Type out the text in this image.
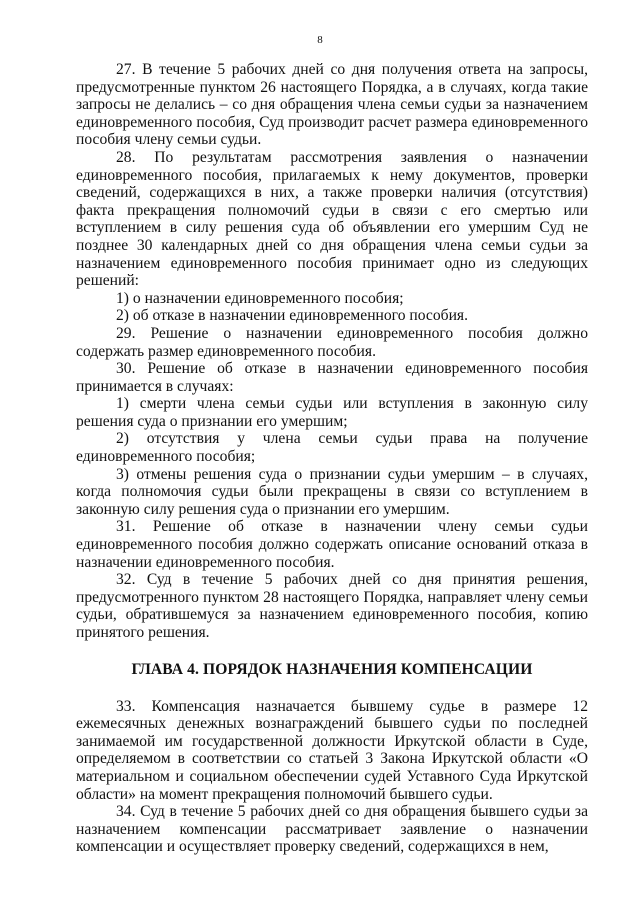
8

27. В течение 5 рабочих дней со дня получения ответа на запросы, предусмотренные пунктом 26 настоящего Порядка, а в случаях, когда такие запросы не делались – со дня обращения члена семьи судьи за назначением единовременного пособия, Суд производит расчет размера единовременного пособия члену семьи судьи.

28. По результатам рассмотрения заявления о назначении единовременного пособия, прилагаемых к нему документов, проверки сведений, содержащихся в них, а также проверки наличия (отсутствия) факта прекращения полномочий судьи в связи с его смертью или вступлением в силу решения суда об объявлении его умершим Суд не позднее 30 календарных дней со дня обращения члена семьи судьи за назначением единовременного пособия принимает одно из следующих решений:

1) о назначении единовременного пособия;

2) об отказе в назначении единовременного пособия.

29. Решение о назначении единовременного пособия должно содержать размер единовременного пособия.

30. Решение об отказе в назначении единовременного пособия принимается в случаях:

1) смерти члена семьи судьи или вступления в законную силу решения суда о признании его умершим;

2) отсутствия у члена семьи судьи права на получение единовременного пособия;

3) отмены решения суда о признании судьи умершим – в случаях, когда полномочия судьи были прекращены в связи со вступлением в законную силу решения суда о признании его умершим.

31. Решение об отказе в назначении члену семьи судьи единовременного пособия должно содержать описание оснований отказа в назначении единовременного пособия.

32. Суд в течение 5 рабочих дней со дня принятия решения, предусмотренного пунктом 28 настоящего Порядка, направляет члену семьи судьи, обратившемуся за назначением единовременного пособия, копию принятого решения.

ГЛАВА 4. ПОРЯДОК НАЗНАЧЕНИЯ КОМПЕНСАЦИИ

33. Компенсация назначается бывшему судье в размере 12 ежемесячных денежных вознаграждений бывшего судьи по последней занимаемой им государственной должности Иркутской области в Суде, определяемом в соответствии со статьей 3 Закона Иркутской области «О материальном и социальном обеспечении судей Уставного Суда Иркутской области» на момент прекращения полномочий бывшего судьи.

34. Суд в течение 5 рабочих дней со дня обращения бывшего судьи за назначением компенсации рассматривает заявление о назначении компенсации и осуществляет проверку сведений, содержащихся в нем,
